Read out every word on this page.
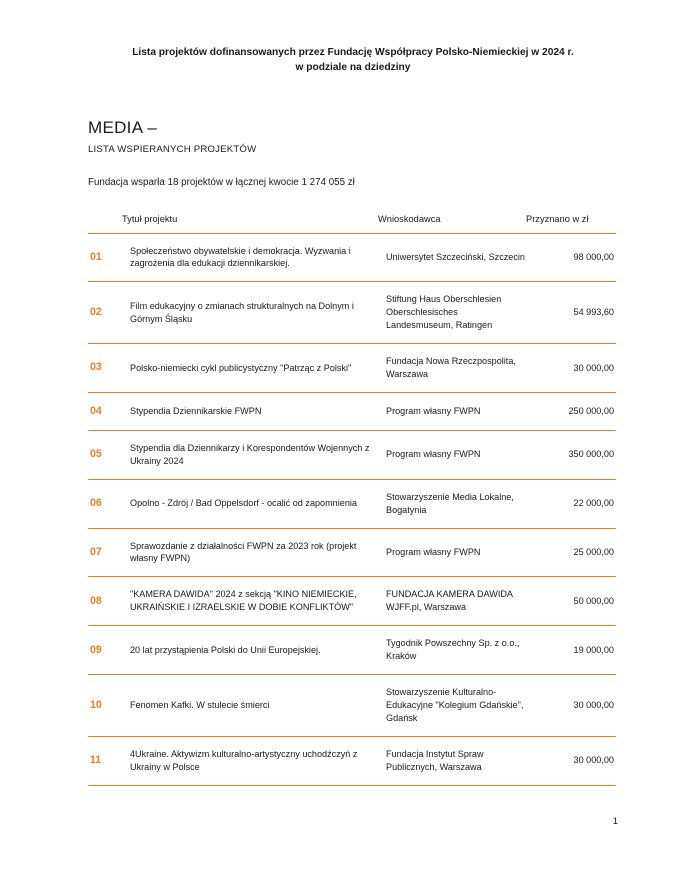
Lista projektów dofinansowanych przez Fundację Współpracy Polsko-Niemieckiej w 2024 r.
w podziale na dziedziny
MEDIA –
LISTA WSPIERANYCH PROJEKTÓW
Fundacja wsparła 18 projektów w łącznej kwocie 1 274 055 zł
	Tytuł projektu	Wnioskodawca	Przyznano w zł
01	Społeczeństwo obywatelskie i demokracja. Wyzwania i zagrożenia dla edukacji dziennikarskiej.	Uniwersytet Szczeciński, Szczecin	98 000,00
02	Film edukacyjny o zmianach strukturalnych na Dolnym i Górnym Śląsku	Stiftung Haus Oberschlesien Oberschlesisches Landesmuseum, Ratingen	54 993,60
03	Polsko-niemiecki cykl publicystyczny "Patrząc z Polski"	Fundacja Nowa Rzeczpospolita, Warszawa	30 000,00
04	Stypendia Dziennikarskie FWPN	Program własny FWPN	250 000,00
05	Stypendia dla Dziennikarzy i Korespondentów Wojennych z Ukrainy 2024	Program własny FWPN	350 000,00
06	Opolno - Zdrój / Bad Oppelsdorf - ocalić od zapomnienia	Stowarzyszenie Media Lokalne, Bogatynia	22 000,00
07	Sprawozdanie z działalności FWPN za 2023 rok (projekt własny FWPN)	Program własny FWPN	25 000,00
08	"KAMERA DAWIDA" 2024 z sekcją "KINO NIEMIECKIE, UKRAIŃSKIE I IZRAELSKIE W DOBIE KONFLIKTÓW"	FUNDACJA KAMERA DAWIDA WJFF.pl, Warszawa	50 000,00
09	20 lat przystąpienia Polski do Unii Europejskiej.	Tygodnik Powszechny Sp. z o.o., Kraków	19 000,00
10	Fenomen Kafki. W stulecie śmierci	Stowarzyszenie Kulturalno-Edukacyjne "Kolegium Gdańskie", Gdańsk	30 000,00
11	4Ukraine. Aktywizm kulturalno-artystyczny uchodźczyń z Ukrainy w Polsce	Fundacja Instytut Spraw Publicznych, Warszawa	30 000,00
1
